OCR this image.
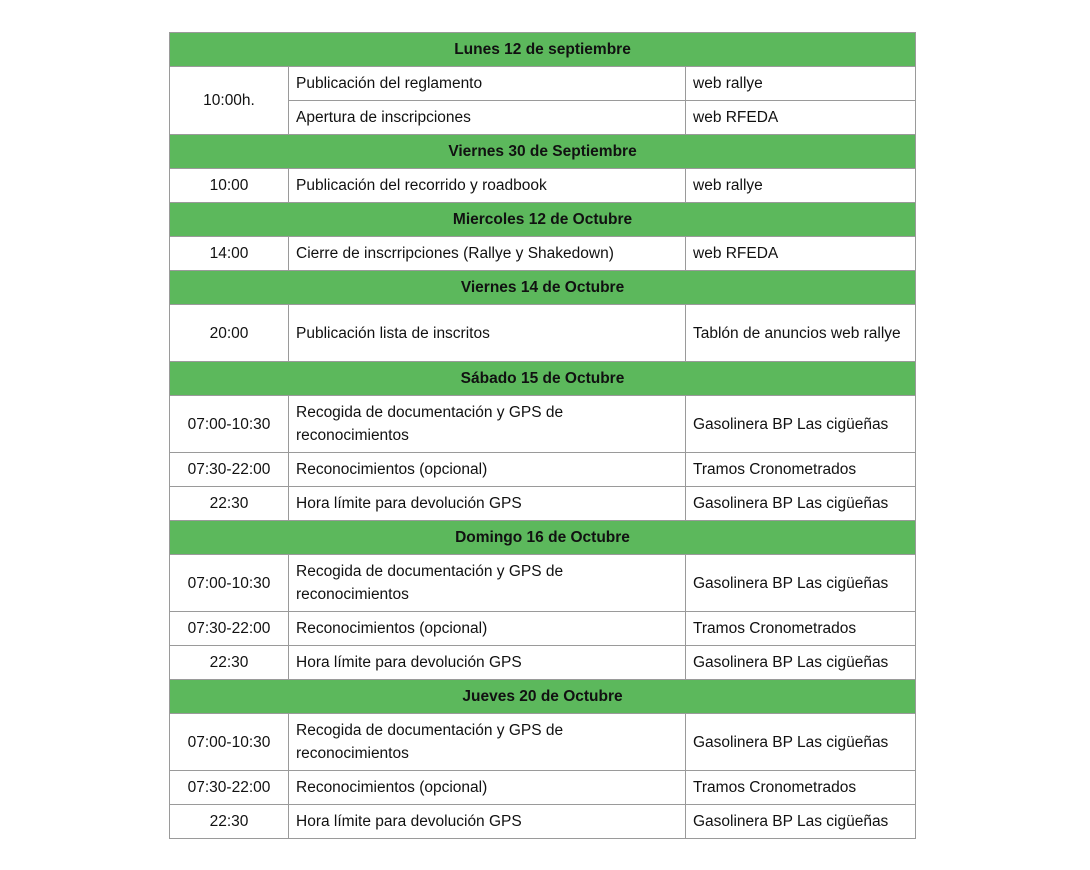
Lunes 12 de septiembre		
10:00h.	Publicación del reglamento	web rallye
	Apertura de inscripciones	web RFEDA
Viernes 30 de Septiembre		
10:00	Publicación del recorrido y roadbook	web rallye
Miercoles 12 de Octubre		
14:00	Cierre de inscrripciones (Rallye y Shakedown)	web RFEDA
Viernes 14 de Octubre		
20:00	Publicación lista de inscritos	Tablón de anuncios web rallye
Sábado 15 de Octubre		
07:00-10:30	Recogida de documentación y GPS de reconocimientos	Gasolinera BP Las cigüeñas
07:30-22:00	Reconocimientos (opcional)	Tramos Cronometrados
22:30	Hora límite para devolución GPS	Gasolinera BP Las cigüeñas
Domingo 16 de Octubre		
07:00-10:30	Recogida de documentación y GPS de reconocimientos	Gasolinera BP Las cigüeñas
07:30-22:00	Reconocimientos (opcional)	Tramos Cronometrados
22:30	Hora límite para devolución GPS	Gasolinera BP Las cigüeñas
Jueves 20 de Octubre		
07:00-10:30	Recogida de documentación y GPS de reconocimientos	Gasolinera BP Las cigüeñas
07:30-22:00	Reconocimientos (opcional)	Tramos Cronometrados
22:30	Hora límite para devolución GPS	Gasolinera BP Las cigüeñas
